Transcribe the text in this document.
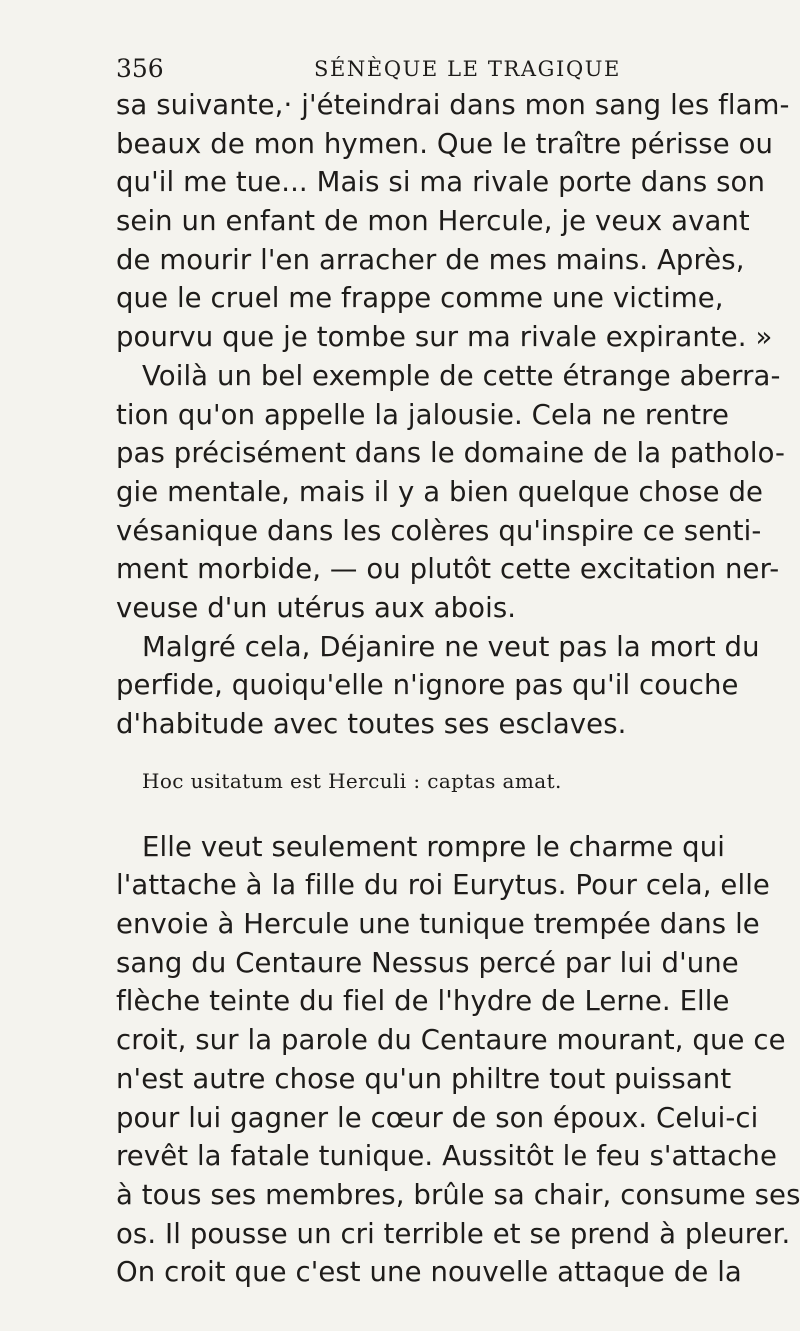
356	SÉNÈQUE LE TRAGIQUE
sa suivante,· j'éteindrai dans mon sang les flam-
beaux de mon hymen. Que le traître périsse ou
qu'il me tue... Mais si ma rivale porte dans son
sein un enfant de mon Hercule, je veux avant
de mourir l'en arracher de mes mains. Après,
que le cruel me frappe comme une victime,
pourvu que je tombe sur ma rivale expirante. »
Voilà un bel exemple de cette étrange aberra-
tion qu'on appelle la jalousie. Cela ne rentre
pas précisément dans le domaine de la patholo-
gie mentale, mais il y a bien quelque chose de
vésanique dans les colères qu'inspire ce senti-
ment morbide, — ou plutôt cette excitation ner-
veuse d'un utérus aux abois.
Malgré cela, Déjanire ne veut pas la mort du
perfide, quoiqu'elle n'ignore pas qu'il couche
d'habitude avec toutes ses esclaves.
Hoc usitatum est Herculi : captas amat.
Elle veut seulement rompre le charme qui
l'attache à la fille du roi Eurytus. Pour cela, elle
envoie à Hercule une tunique trempée dans le
sang du Centaure Nessus percé par lui d'une
flèche teinte du fiel de l'hydre de Lerne. Elle
croit, sur la parole du Centaure mourant, que ce
n'est autre chose qu'un philtre tout puissant
pour lui gagner le cœur de son époux. Celui-ci
revêt la fatale tunique. Aussitôt le feu s'attache
à tous ses membres, brûle sa chair, consume ses
os. Il pousse un cri terrible et se prend à pleurer.
On croit que c'est une nouvelle attaque de la
